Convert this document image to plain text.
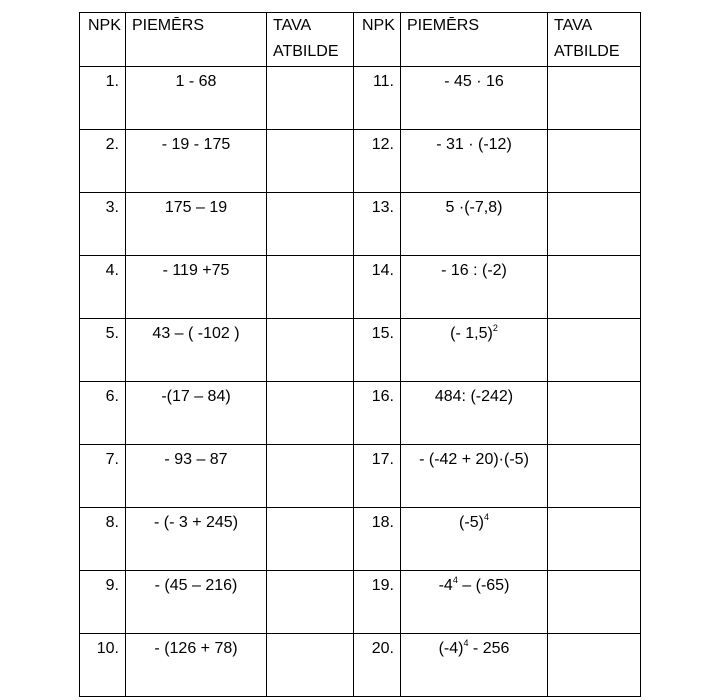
NPK	PIEMĒRS	TAVA ATBILDE	NPK	PIEMĒRS	TAVA ATBILDE
1.	1 - 68		11.	- 45 · 16	
2.	- 19 - 175		12.	- 31 · (-12)	
3.	175 – 19		13.	5 ·(-7,8)	
4.	- 119 +75		14.	- 16 : (-2)	
5.	43 – ( -102 )		15.	(- 1,5)$^2$	
6.	-(17 – 84)		16.	484: (-242)	
7.	- 93 – 87		17.	- (-42 + 20)·(-5)	
8.	- (- 3 + 245)		18.	$(-5)^4$	
9.	- (45 – 216)		19.	$-4^4 - (-65)$	
10.	- (126 + 78)		20.	$(-4)^4 - 256$	
